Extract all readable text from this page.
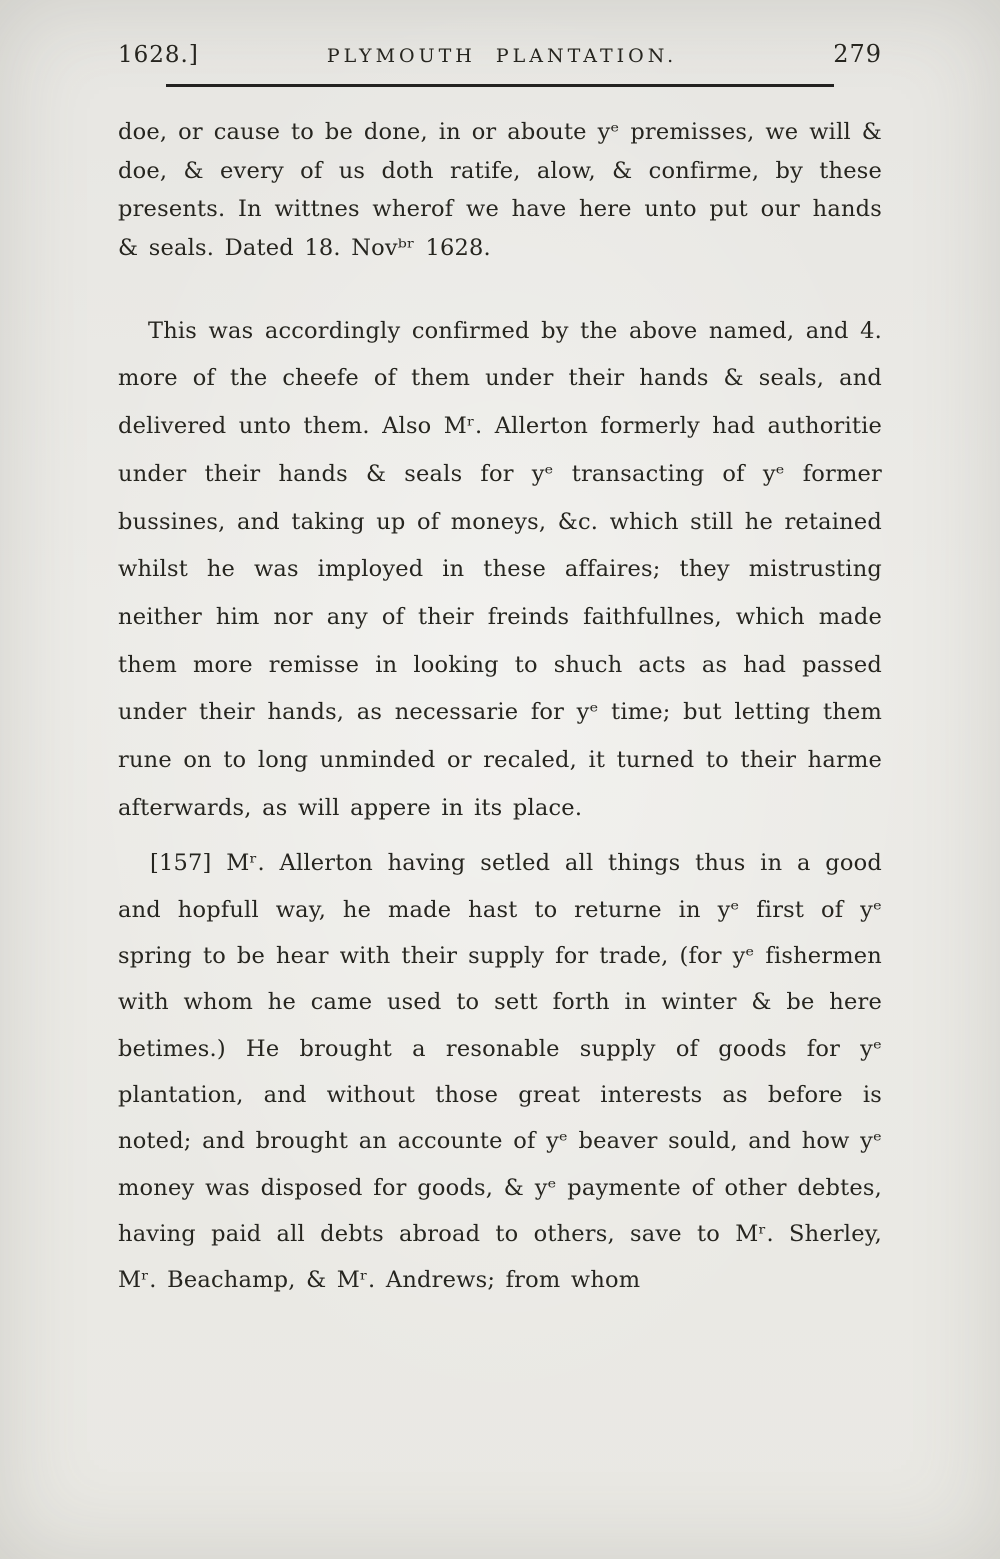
1628.]	PLYMOUTH PLANTATION.	279

doe, or cause to be done, in or aboute yᵉ premisses, we will & doe, & every of us doth ratife, alow, & confirme, by these presents. In wittnes wherof we have here unto put our hands & seals. Dated 18. Novᵇʳ 1628.

This was accordingly confirmed by the above named, and 4. more of the cheefe of them under their hands & seals, and delivered unto them. Also Mʳ. Allerton formerly had authoritie under their hands & seals for yᵉ transacting of yᵉ former bussines, and taking up of moneys, &c. which still he retained whilst he was imployed in these affaires; they mistrusting neither him nor any of their freinds faithfullnes, which made them more remisse in looking to shuch acts as had passed under their hands, as necessarie for yᵉ time; but letting them rune on to long unminded or recaled, it turned to their harme afterwards, as will appere in its place.

[157] Mʳ. Allerton having setled all things thus in a good and hopfull way, he made hast to returne in yᵉ first of yᵉ spring to be hear with their supply for trade, (for yᵉ fishermen with whom he came used to sett forth in winter & be here betimes.) He brought a resonable supply of goods for yᵉ plantation, and without those great interests as before is noted; and brought an accounte of yᵉ beaver sould, and how yᵉ money was disposed for goods, & yᵉ paymente of other debtes, having paid all debts abroad to others, save to Mʳ. Sherley, Mʳ. Beachamp, & Mʳ. Andrews; from whom
